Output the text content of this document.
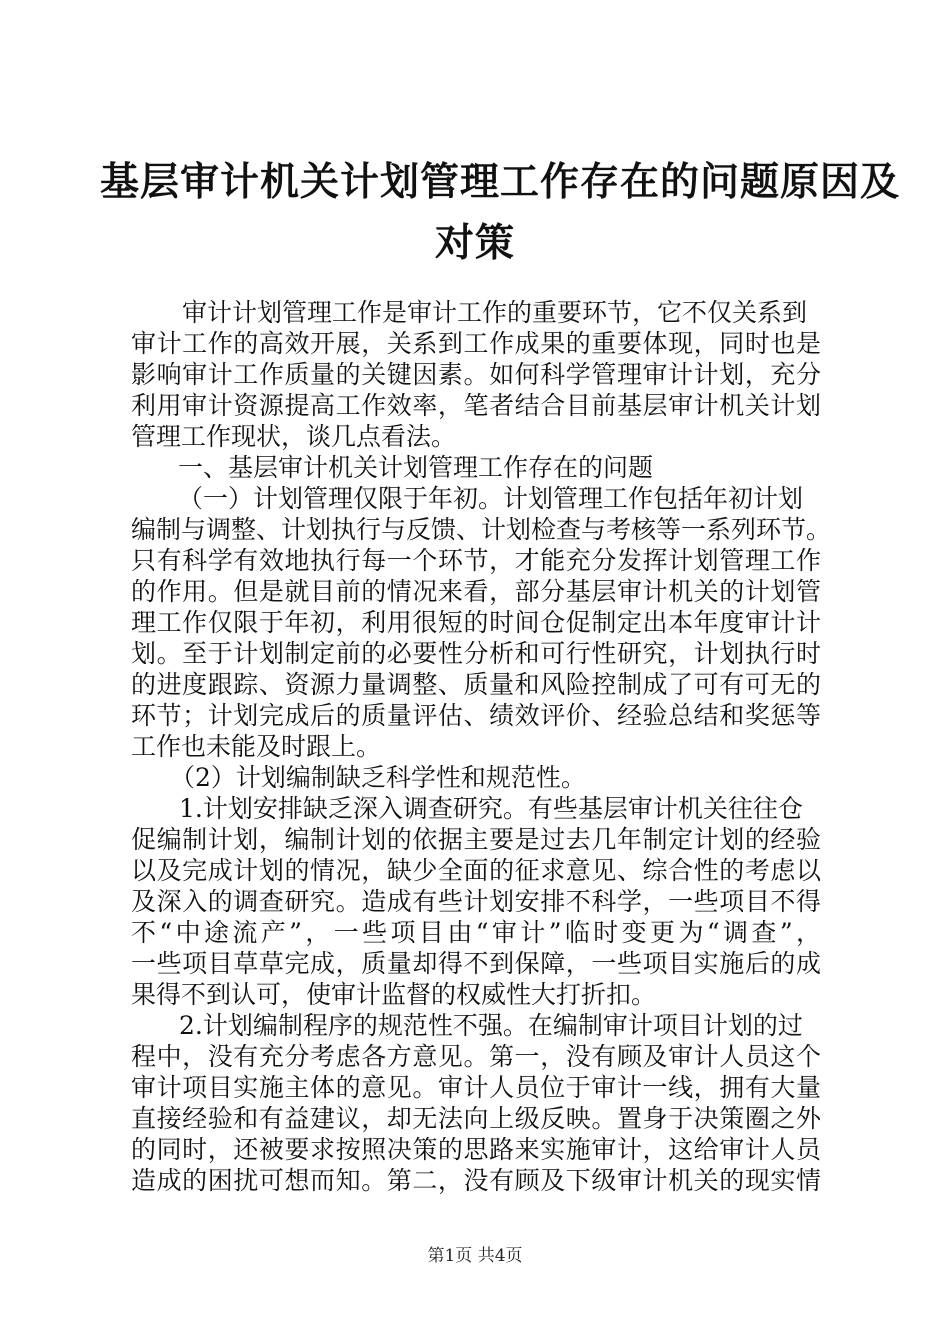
基层审计机关计划管理工作存在的问题原因及
对策
审计计划管理工作是审计工作的重要环节，它不仅关系到
审计工作的高效开展，关系到工作成果的重要体现，同时也是
影响审计工作质量的关键因素。如何科学管理审计计划，充分
利用审计资源提高工作效率，笔者结合目前基层审计机关计划
管理工作现状，谈几点看法。
一、基层审计机关计划管理工作存在的问题
（一）计划管理仅限于年初。计划管理工作包括年初计划
编制与调整、计划执行与反馈、计划检查与考核等一系列环节。
只有科学有效地执行每一个环节，才能充分发挥计划管理工作
的作用。但是就目前的情况来看，部分基层审计机关的计划管
理工作仅限于年初，利用很短的时间仓促制定出本年度审计计
划。至于计划制定前的必要性分析和可行性研究，计划执行时
的进度跟踪、资源力量调整、质量和风险控制成了可有可无的
环节；计划完成后的质量评估、绩效评价、经验总结和奖惩等
工作也未能及时跟上。
（2）计划编制缺乏科学性和规范性。
1.计划安排缺乏深入调查研究。有些基层审计机关往往仓
促编制计划，编制计划的依据主要是过去几年制定计划的经验
以及完成计划的情况，缺少全面的征求意见、综合性的考虑以
及深入的调查研究。造成有些计划安排不科学，一些项目不得
不“中途流产”，一些项目由“审计”临时变更为“调查”，
一些项目草草完成，质量却得不到保障，一些项目实施后的成
果得不到认可，使审计监督的权威性大打折扣。
2.计划编制程序的规范性不强。在编制审计项目计划的过
程中，没有充分考虑各方意见。第一，没有顾及审计人员这个
审计项目实施主体的意见。审计人员位于审计一线，拥有大量
直接经验和有益建议，却无法向上级反映。置身于决策圈之外
的同时，还被要求按照决策的思路来实施审计，这给审计人员
造成的困扰可想而知。第二，没有顾及下级审计机关的现实情
第1页 共4页
